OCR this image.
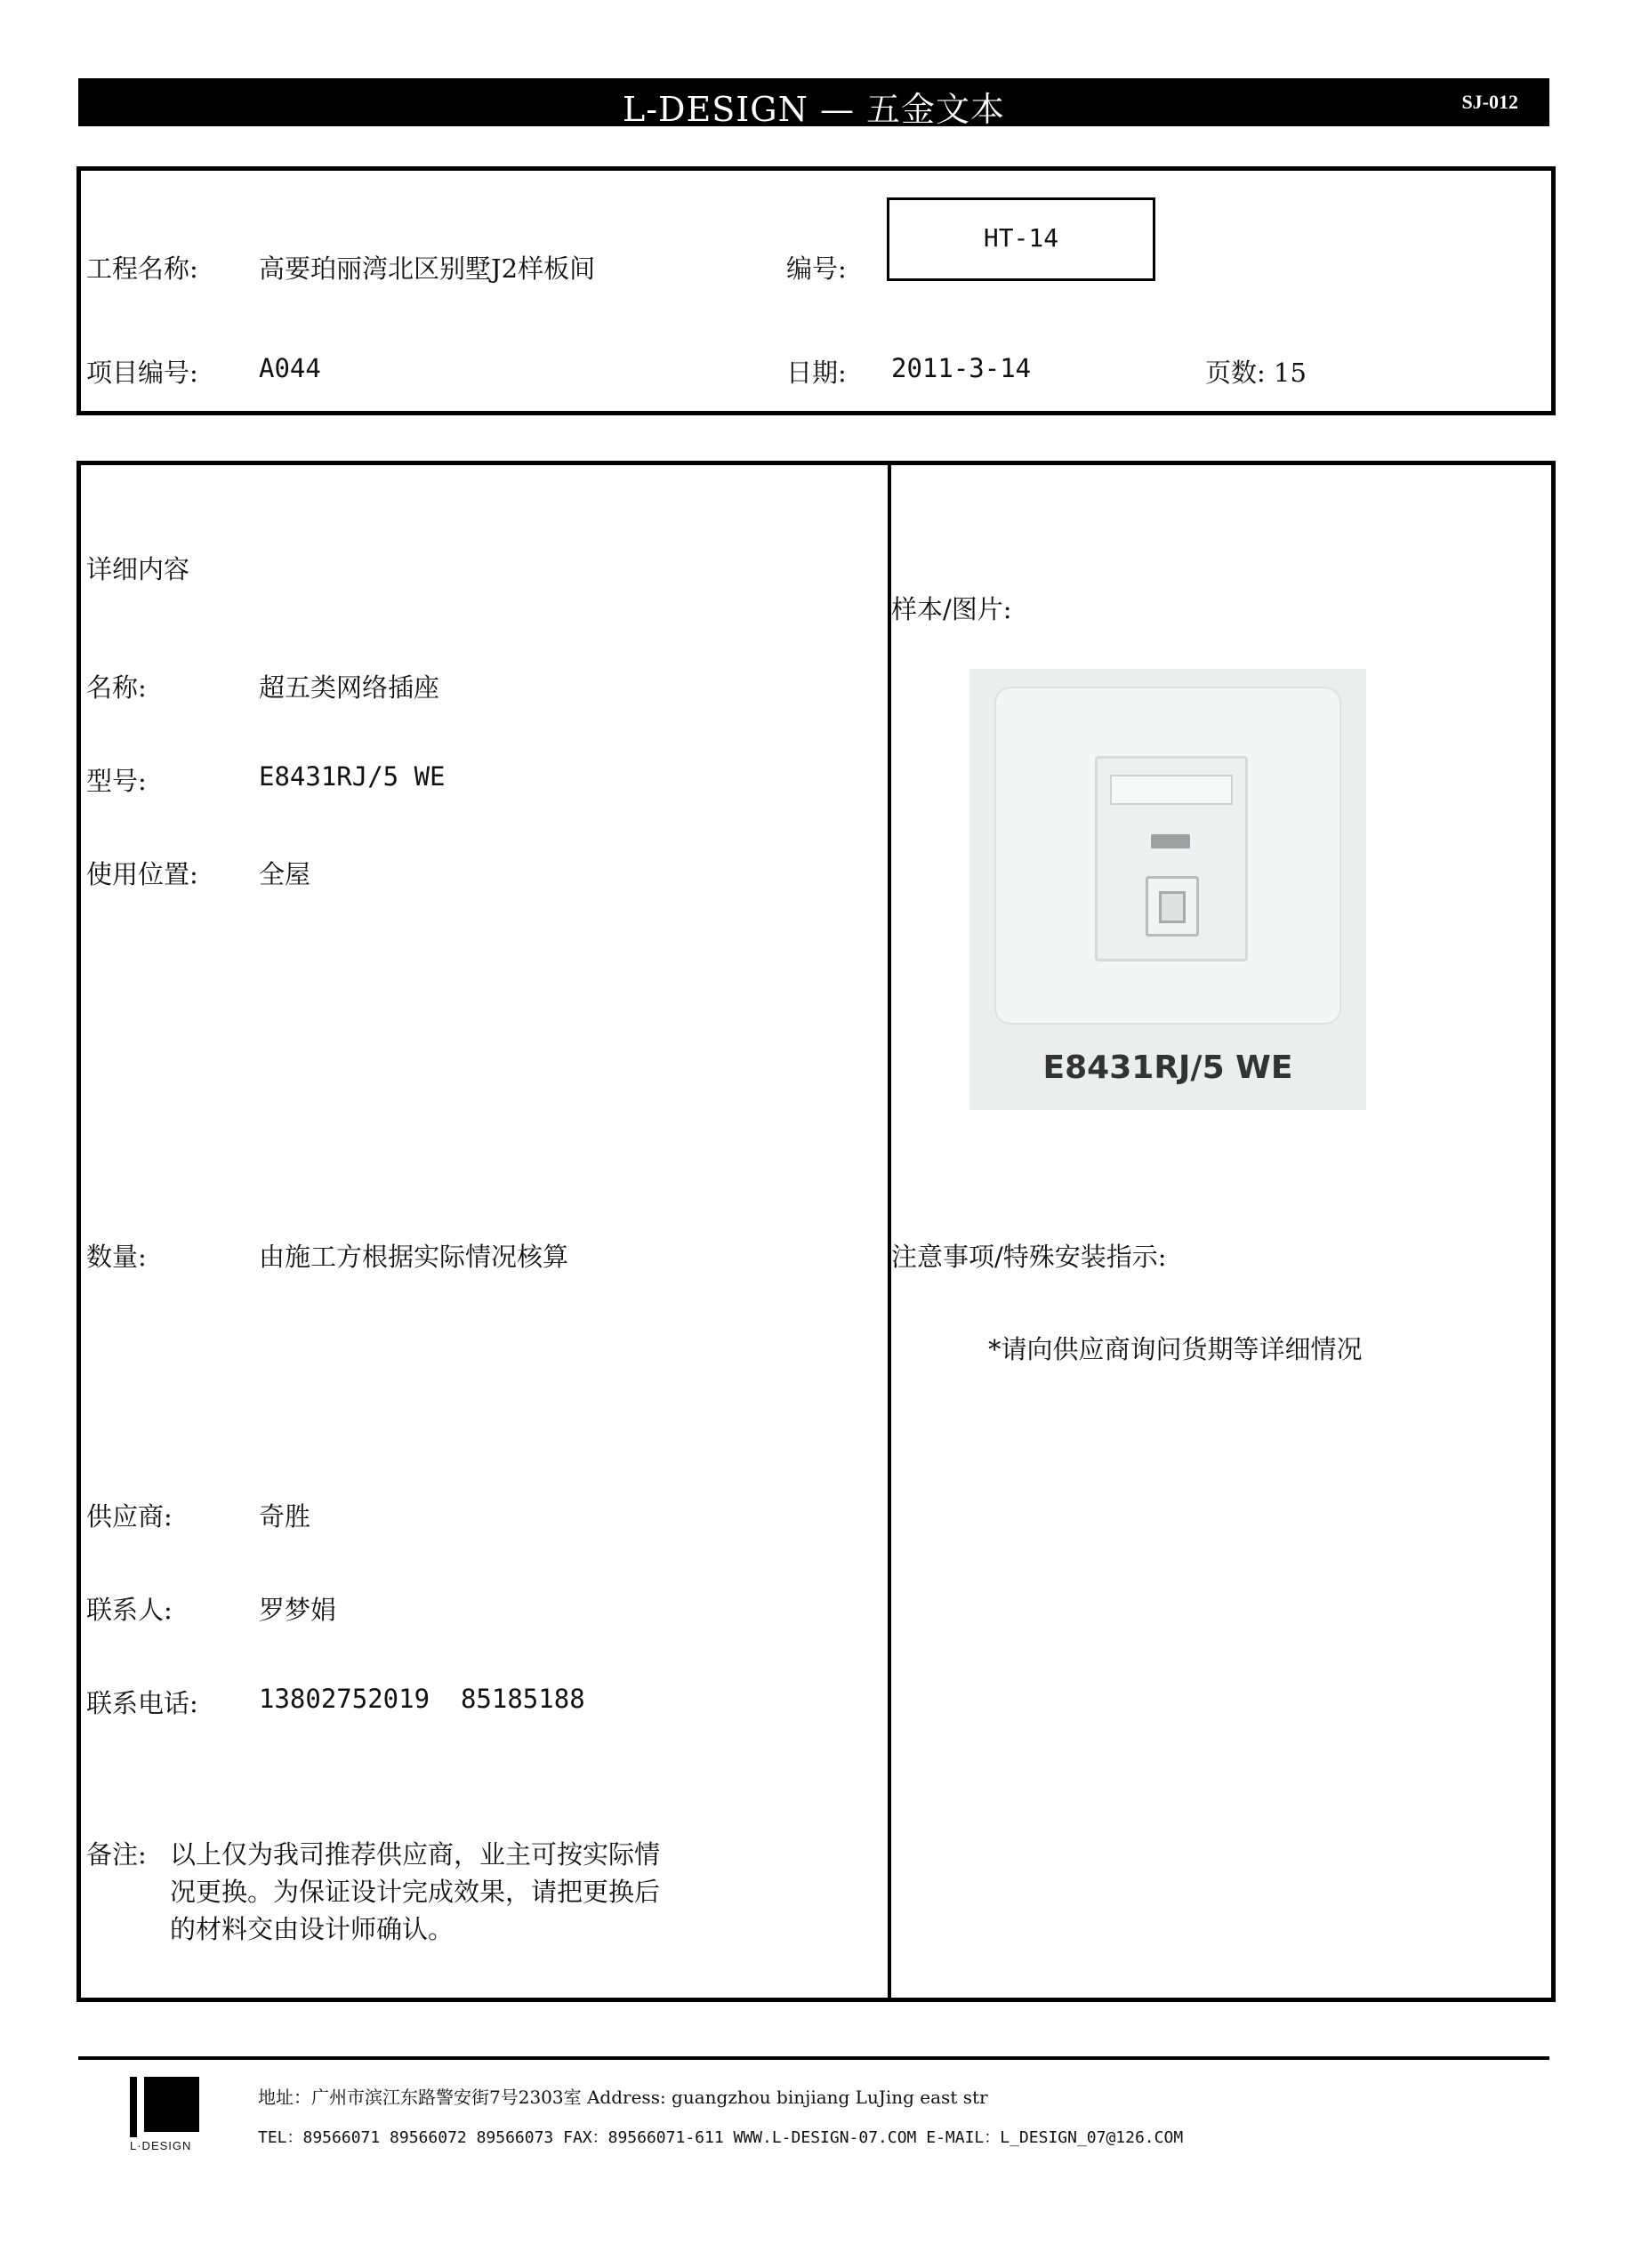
L-DESIGN — 五金文本	SJ-012
工程名称: 高要珀丽湾北区别墅J2样板间	编号:
HT-14
项目编号: A044	日期: 2011-3-14	页数: 15
详细内容
名称:	超五类网络插座
型号:	E8431RJ/5 WE
使用位置: 全屋
数量:	由施工方根据实际情况核算
供应商:	奇胜
联系人:	罗梦娟
联系电话: 13802752019  85185188
备注: 以上仅为我司推荐供应商，业主可按实际情
况更换。为保证设计完成效果，请把更换后
的材料交由设计师确认。
样本/图片:
注意事项/特殊安装指示:
*请向供应商询问货期等详细情况
E8431RJ/5 WE
L·DESIGN
地址：广州市滨江东路警安街7号2303室 Address: guangzhou binjiang LuJing east str
TEL：89566071 89566072 89566073 FAX：89566071-611 WWW.L-DESIGN-07.COM E-MAIL：L_DESIGN_07@126.COM
